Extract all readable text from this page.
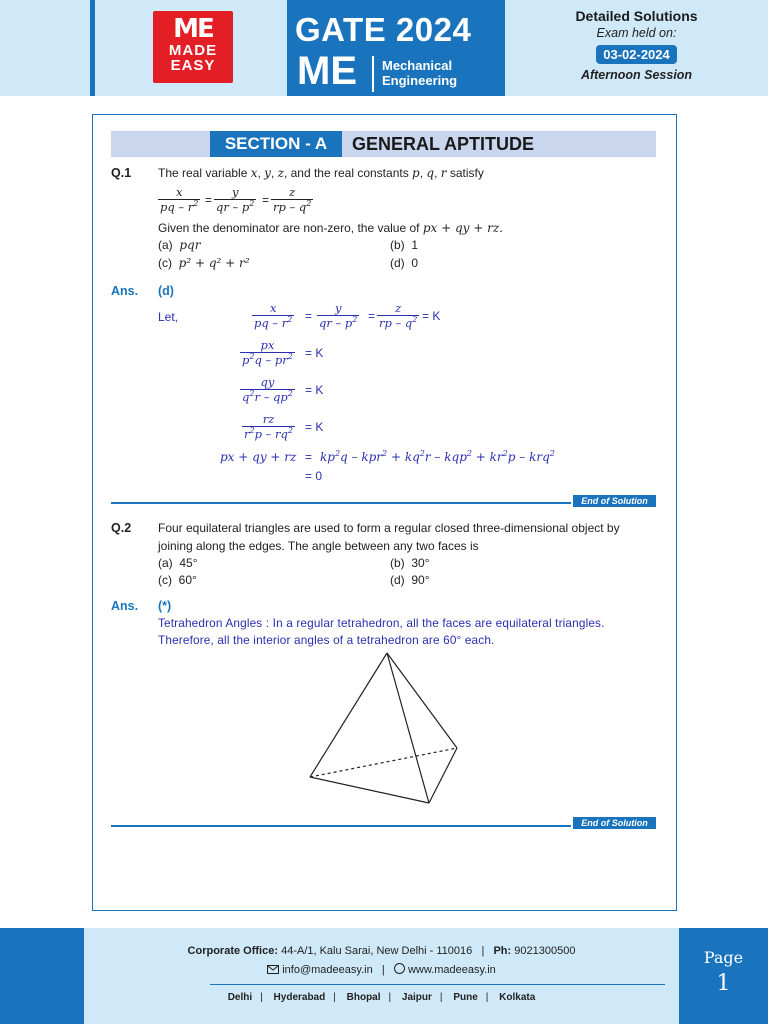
ME
MADE
EASY
GATE 2024
ME Mechanical
Engineering
Detailed Solutions
Exam held on:
03-02-2024
Afternoon Session
SECTION - A	GENERAL APTITUDE
Q.1 The real variable x, y, z, and the real constants p, q, r satisfy
$\frac{x}{pq - r^2} = \frac{y}{qr - p^2} = \frac{z}{rp - q^2}$
Given the denominator are non-zero, the value of px + qy + rz.
(a) pqr	(b) 1
(c) p² + q² + r²	(d) 0
Ans. (d)
Let,	$\frac{x}{pq - r^2} = \frac{y}{qr - p^2} = \frac{z}{rp - q^2} = K$
$\frac{px}{p^2q - pr^2} = K$
$\frac{qy}{q^2r - qp^2} = K$
$\frac{rz}{r^2p - rq^2} = K$
px + qy + rz = $kp^2q - kpr^2 + kq^2r - kqp^2 + kr^2p - krq^2$
= 0
End of Solution
Q.2 Four equilateral triangles are used to form a regular closed three-dimensional object by
joining along the edges. The angle between any two faces is
(a) 45°	(b) 30°
(c) 60°	(d) 90°
Ans. (*)
Tetrahedron Angles : In a regular tetrahedron, all the faces are equilateral triangles.
Therefore, all the interior angles of a tetrahedron are 60° each.
End of Solution
Corporate Office: 44-A/1, Kalu Sarai, New Delhi - 110016 | Ph: 9021300500
info@madeeasy.in | www.madeeasy.in
Delhi | Hyderabad | Bhopal | Jaipur | Pune | Kolkata
Page
1
